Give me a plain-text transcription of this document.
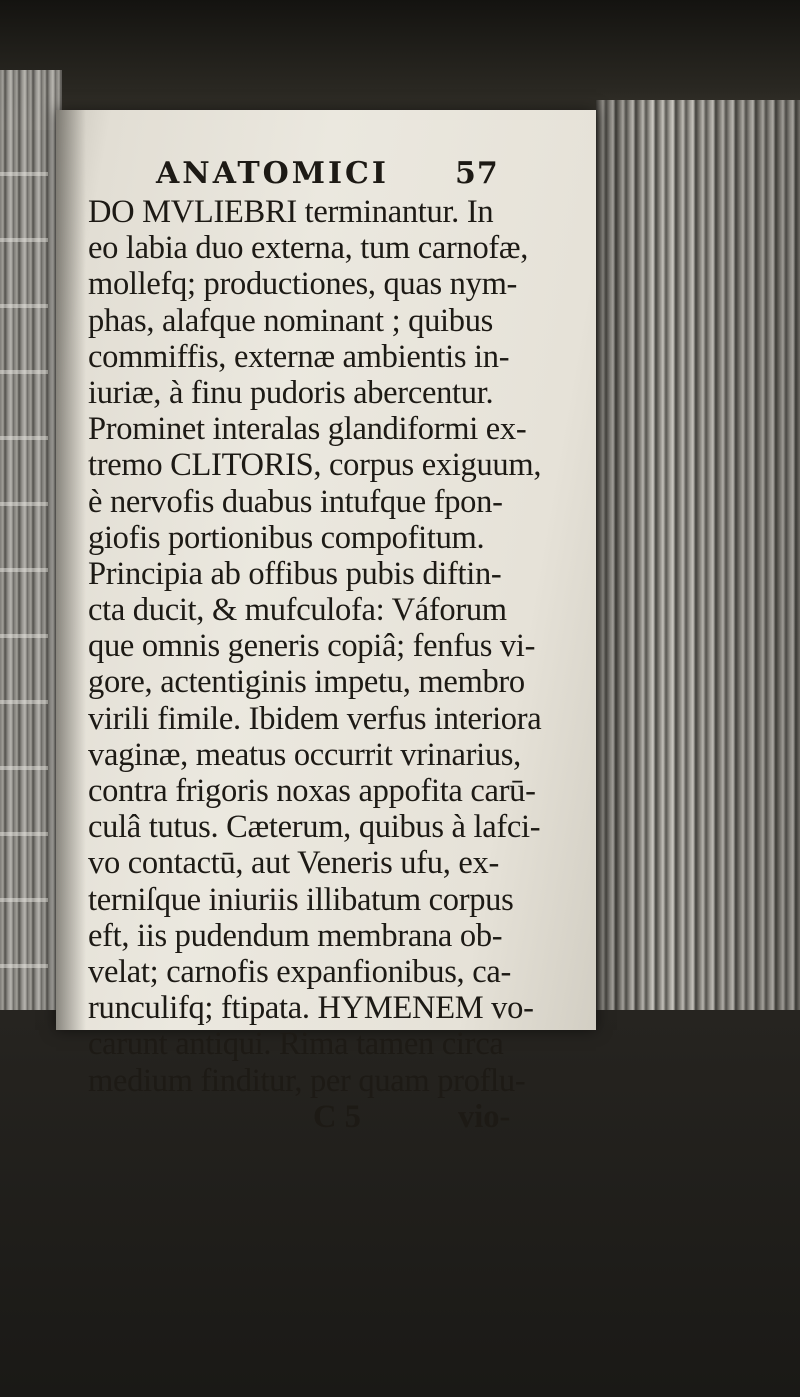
ANATOMICI 57
DO MVLIEBRI terminantur. In
eo labia duo externa, tum carnofæ,
mollefq; productiones, quas nym-
phas, alafque nominant ; quibus
commiffis, externæ ambientis in-
iuriæ, à finu pudoris abercentur.
Prominet interalas glandiformi ex-
tremo CLITORIS, corpus exiguum,
è nervofis duabus intufque fpon-
giofis portionibus compofitum.
Principia ab offibus pubis diftin-
cta ducit, & mufculofa: Váforum
que omnis generis copiâ; fenfus vi-
gore, actentiginis impetu, membro
virili fimile. Ibidem verfus interiora
vaginæ, meatus occurrit vrinarius,
contra frigoris noxas appofita carū-
culâ tutus. Cæterum, quibus à lafci-
vo contactū, aut Veneris ufu, ex-
terniſque iniuriis illibatum corpus
eft, iis pudendum membrana ob-
velat; carnofis expanfionibus, ca-
runculifq; ftipata. HYMENEM vo-
carunt antiqui. Rima tamen circa
medium finditur, per quam proflu-
C 5	vio-
